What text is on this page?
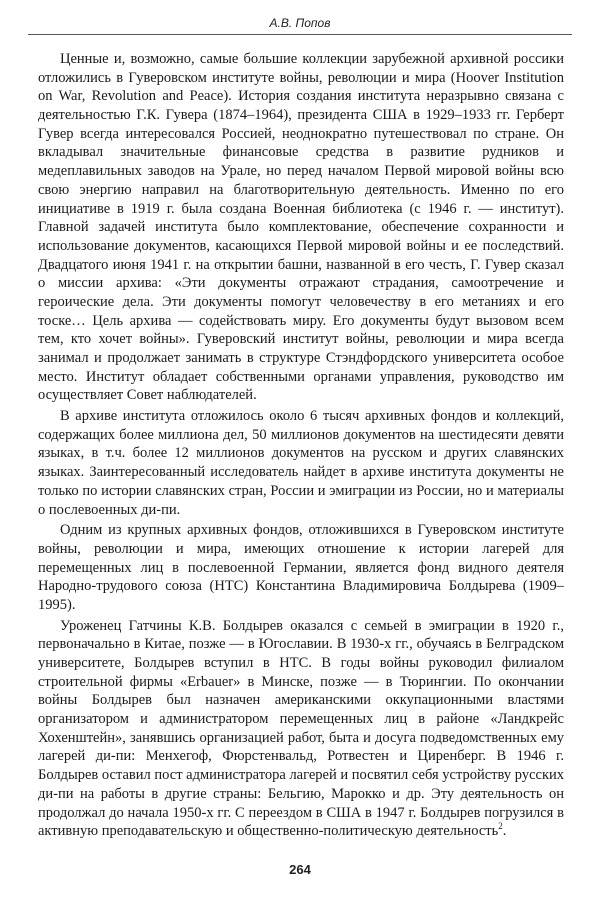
А.В. Попов

Ценные и, возможно, самые большие коллекции зарубежной архивной россики отложились в Гуверовском институте войны, революции и мира (Hoover Institution on War, Revolution and Peace). История создания института неразрывно связана с деятельностью Г.К. Гувера (1874–1964), президента США в 1929–1933 гг. Герберт Гувер всегда интересовался Россией, неоднократно путешествовал по стране. Он вкладывал значительные финансовые средства в развитие рудников и медеплавильных заводов на Урале, но перед началом Первой мировой войны всю свою энергию направил на благотворительную деятельность. Именно по его инициативе в 1919 г. была создана Военная библиотека (с 1946 г. — институт). Главной задачей института было комплектование, обеспечение сохранности и использование документов, касающихся Первой мировой войны и ее последствий. Двадцатого июня 1941 г. на открытии башни, названной в его честь, Г. Гувер сказал о миссии архива: «Эти документы отражают страдания, самоотречение и героические дела. Эти документы помогут человечеству в его метаниях и его тоске… Цель архива — содействовать миру. Его документы будут вызовом всем тем, кто хочет войны». Гуверовский институт войны, революции и мира всегда занимал и продолжает занимать в структуре Стэндфордского университета особое место. Институт обладает собственными органами управления, руководство им осуществляет Совет наблюдателей.

В архиве института отложилось около 6 тысяч архивных фондов и коллекций, содержащих более миллиона дел, 50 миллионов документов на шестидесяти девяти языках, в т.ч. более 12 миллионов документов на русском и других славянских языках. Заинтересованный исследователь найдет в архиве института документы не только по истории славянских стран, России и эмиграции из России, но и материалы о послевоенных ди-пи.

Одним из крупных архивных фондов, отложившихся в Гуверовском институте войны, революции и мира, имеющих отношение к истории лагерей для перемещенных лиц в послевоенной Германии, является фонд видного деятеля Народно-трудового союза (НТС) Константина Владимировича Болдырева (1909–1995).

Уроженец Гатчины К.В. Болдырев оказался с семьей в эмиграции в 1920 г., первоначально в Китае, позже — в Югославии. В 1930-х гг., обучаясь в Белградском университете, Болдырев вступил в НТС. В годы войны руководил филиалом строительной фирмы «Erbauer» в Минске, позже — в Тюрингии. По окончании войны Болдырев был назначен американскими оккупационными властями организатором и администратором перемещенных лиц в районе «Ландкрейс Хохенштейн», занявшись организацией работ, быта и досуга подведомственных ему лагерей ди-пи: Менхегоф, Фюрстенвальд, Ротвестен и Циренберг. В 1946 г. Болдырев оставил пост администратора лагерей и посвятил себя устройству русских ди-пи на работы в другие страны: Бельгию, Марокко и др. Эту деятельность он продолжал до начала 1950-х гг. С переездом в США в 1947 г. Болдырев погрузился в активную преподавательскую и общественно-политическую деятельность$^2$.

264
